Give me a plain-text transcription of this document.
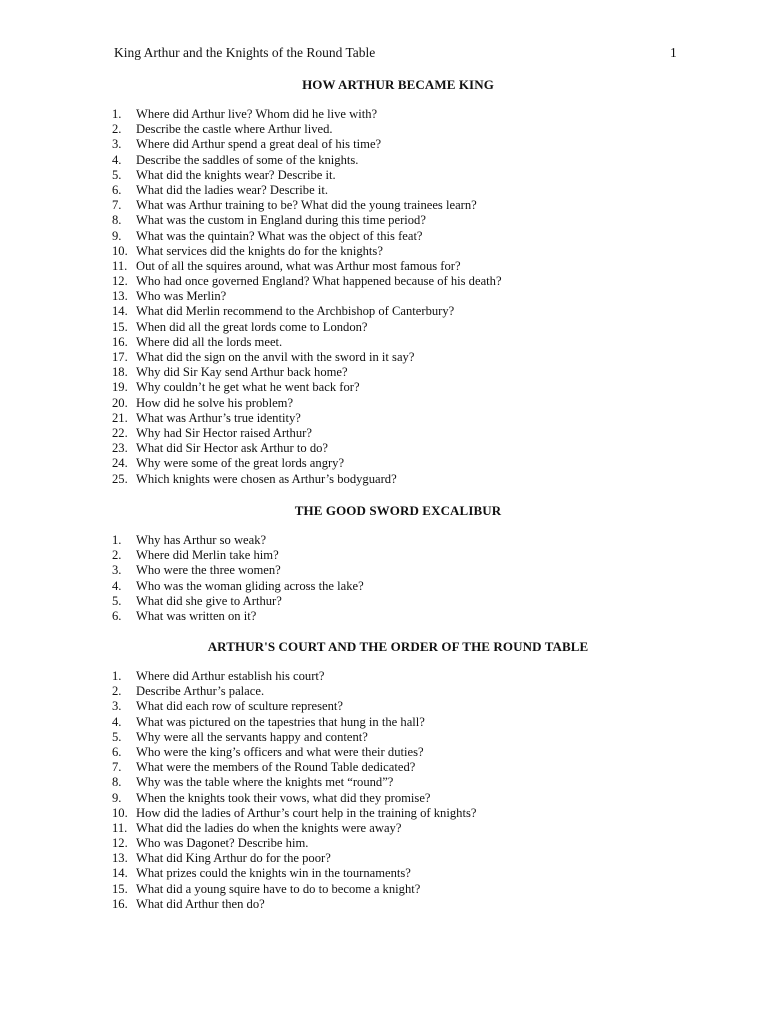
King Arthur and the Knights of the Round Table	1
HOW ARTHUR BECAME KING
1.	Where did Arthur live? Whom did he live with?
2.	Describe the castle where Arthur lived.
3.	Where did Arthur spend a great deal of his time?
4.	Describe the saddles of some of the knights.
5.	What did the knights wear? Describe it.
6.	What did the ladies wear? Describe it.
7.	What was Arthur training to be? What did the young trainees learn?
8.	What was the custom in England during this time period?
9.	What was the quintain? What was the object of this feat?
10. What services did the knights do for the knights?
11. Out of all the squires around, what was Arthur most famous for?
12. Who had once governed England? What happened because of his death?
13. Who was Merlin?
14. What did Merlin recommend to the Archbishop of Canterbury?
15. When did all the great lords come to London?
16. Where did all the lords meet.
17. What did the sign on the anvil with the sword in it say?
18. Why did Sir Kay send Arthur back home?
19. Why couldn’t he get what he went back for?
20. How did he solve his problem?
21. What was Arthur’s true identity?
22. Why had Sir Hector raised Arthur?
23. What did Sir Hector ask Arthur to do?
24. Why were some of the great lords angry?
25. Which knights were chosen as Arthur’s bodyguard?
THE GOOD SWORD EXCALIBUR
1.	Why has Arthur so weak?
2.	Where did Merlin take him?
3.	Who were the three women?
4.	Who was the woman gliding across the lake?
5.	What did she give to Arthur?
6.	What was written on it?
ARTHUR'S COURT AND THE ORDER OF THE ROUND TABLE
1.	Where did Arthur establish his court?
2.	Describe Arthur’s palace.
3.	What did each row of sculture represent?
4.	What was pictured on the tapestries that hung in the hall?
5.	Why were all the servants happy and content?
6.	Who were the king’s officers and what were their duties?
7.	What were the members of the Round Table dedicated?
8.	Why was the table where the knights met “round”?
9.	When the knights took their vows, what did they promise?
10. How did the ladies of Arthur’s court help in the training of knights?
11. What did the ladies do when the knights were away?
12. Who was Dagonet? Describe him.
13. What did King Arthur do for the poor?
14. What prizes could the knights win in the tournaments?
15. What did a young squire have to do to become a knight?
16. What did Arthur then do?
